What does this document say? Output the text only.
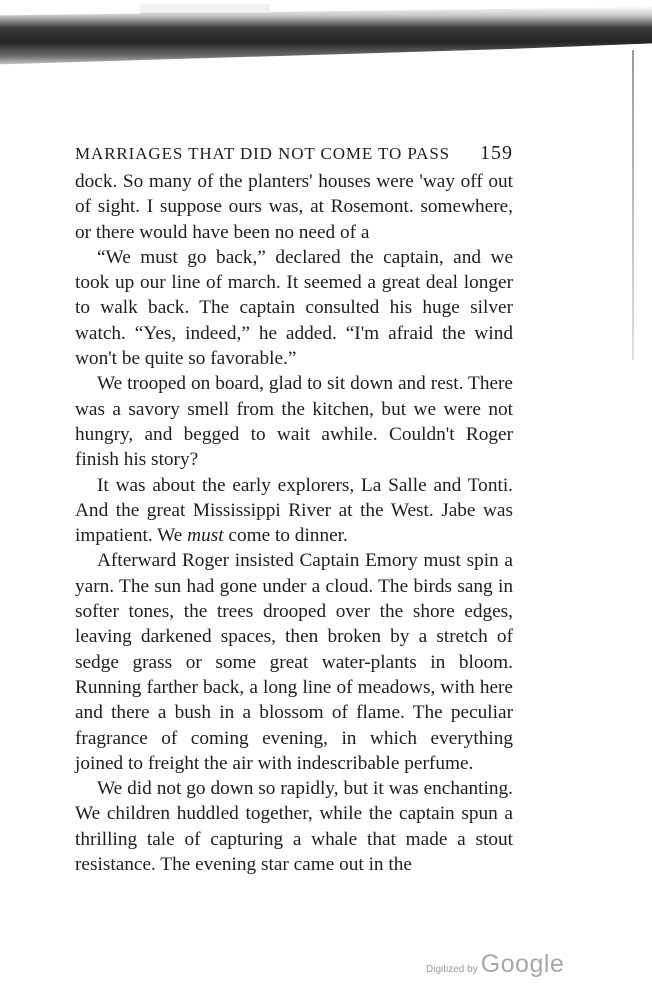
MARRIAGES THAT DID NOT COME TO PASS 159

dock. So many of the planters' houses were 'way off out of sight. I suppose ours was, at Rosemont. somewhere, or there would have been no need of a

“We must go back,” declared the captain, and we took up our line of march. It seemed a great deal longer to walk back. The captain consulted his huge silver watch. “Yes, indeed,” he added. “I'm afraid the wind won't be quite so favorable.”

We trooped on board, glad to sit down and rest. There was a savory smell from the kitchen, but we were not hungry, and begged to wait awhile. Couldn't Roger finish his story?

It was about the early explorers, La Salle and Tonti. And the great Mississippi River at the West. Jabe was impatient. We must come to dinner.

Afterward Roger insisted Captain Emory must spin a yarn. The sun had gone under a cloud. The birds sang in softer tones, the trees drooped over the shore edges, leaving darkened spaces, then broken by a stretch of sedge grass or some great water-plants in bloom. Running farther back, a long line of meadows, with here and there a bush in a blossom of flame. The peculiar fragrance of coming evening, in which everything joined to freight the air with indescribable perfume.

We did not go down so rapidly, but it was enchanting. We children huddled together, while the captain spun a thrilling tale of capturing a whale that made a stout resistance. The evening star came out in the

Digitized by Google
